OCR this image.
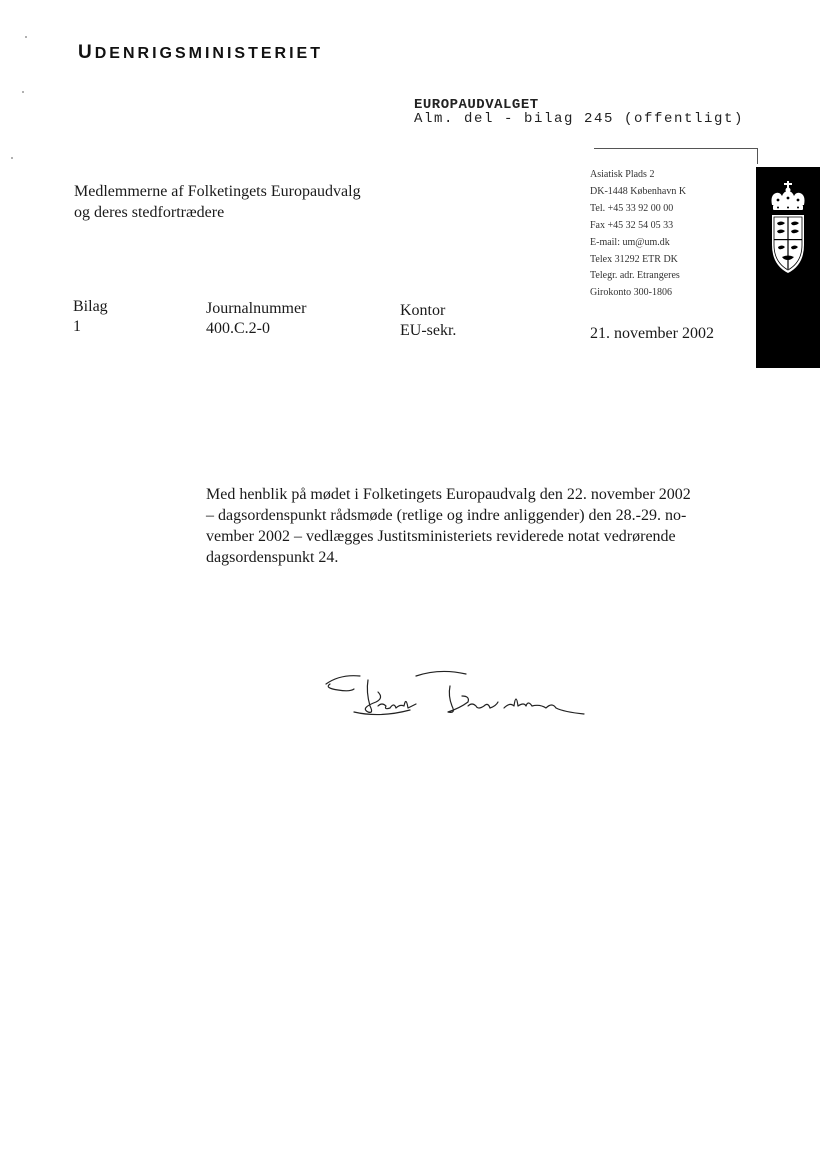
UDENRIGSMINISTERIET
EUROPAUDVALGET
Alm. del - bilag 245 (offentligt)
Medlemmerne af Folketingets Europaudvalg
og deres stedfortrædere
Asiatisk Plads 2
DK-1448 København K
Tel. +45 33 92 00 00
Fax +45 32 54 05 33
E-mail: um@um.dk
Telex 31292 ETR DK
Telegr. adr. Etrangeres
Girokonto 300-1806
Bilag
1
Journalnummer
400.C.2-0
Kontor
EU-sekr.	21. november 2002

Med henblik på mødet i Folketingets Europaudvalg den 22. november 2002

– dagsordenspunkt rådsmøde (retlige og indre anliggender) den 28.-29. no-

vember 2002 – vedlægges Justitsministeriets reviderede notat vedrørende

dagsordenspunkt 24.
